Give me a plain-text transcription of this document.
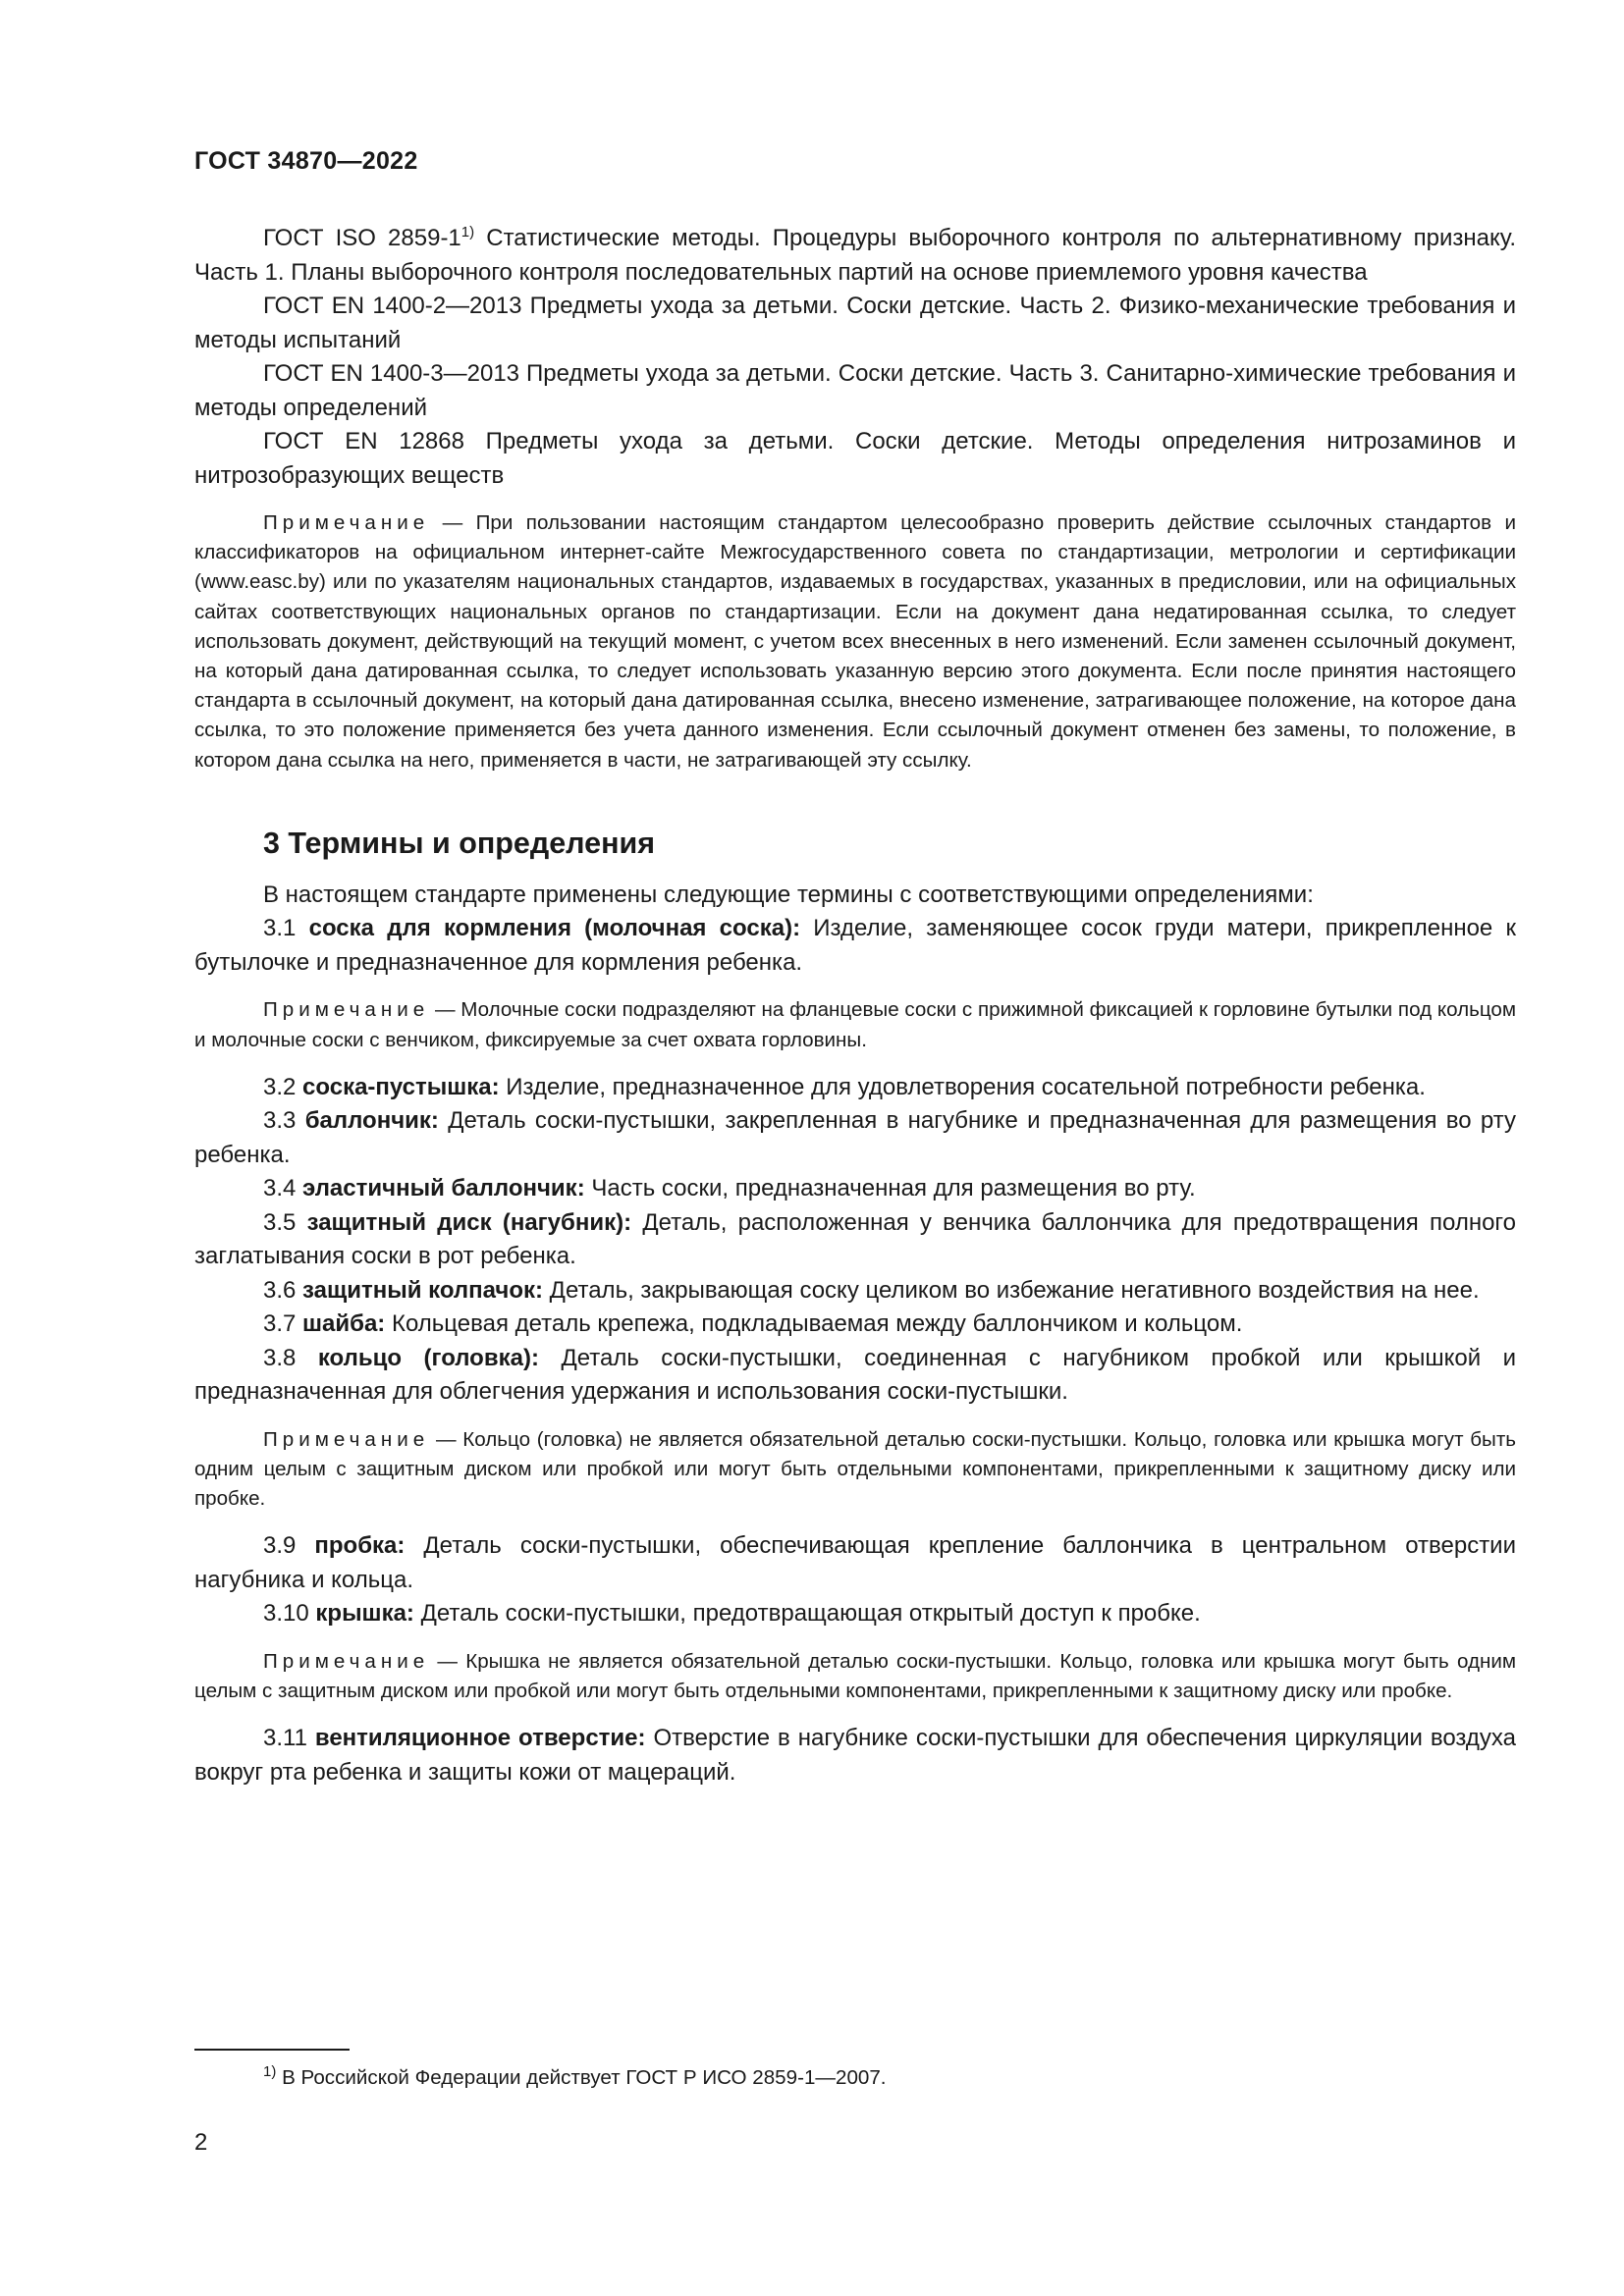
ГОСТ 34870—2022

ГОСТ ISO 2859-1$^{1)}$ Статистические методы. Процедуры выборочного контроля по альтернативному признаку. Часть 1. Планы выборочного контроля последовательных партий на основе приемлемого уровня качества

ГОСТ EN 1400-2—2013 Предметы ухода за детьми. Соски детские. Часть 2. Физико-механические требования и методы испытаний

ГОСТ EN 1400-3—2013 Предметы ухода за детьми. Соски детские. Часть 3. Санитарно-химические требования и методы определений

ГОСТ EN 12868 Предметы ухода за детьми. Соски детские. Методы определения нитрозаминов и нитрозобразующих веществ

Примечание — При пользовании настоящим стандартом целесообразно проверить действие ссылочных стандартов и классификаторов на официальном интернет-сайте Межгосударственного совета по стандартизации, метрологии и сертификации (www.easc.by) или по указателям национальных стандартов, издаваемых в государствах, указанных в предисловии, или на официальных сайтах соответствующих национальных органов по стандартизации. Если на документ дана недатированная ссылка, то следует использовать документ, действующий на текущий момент, с учетом всех внесенных в него изменений. Если заменен ссылочный документ, на который дана датированная ссылка, то следует использовать указанную версию этого документа. Если после принятия настоящего стандарта в ссылочный документ, на который дана датированная ссылка, внесено изменение, затрагивающее положение, на которое дана ссылка, то это положение применяется без учета данного изменения. Если ссылочный документ отменен без замены, то положение, в котором дана ссылка на него, применяется в части, не затрагивающей эту ссылку.

3 Термины и определения

В настоящем стандарте применены следующие термины с соответствующими определениями:

3.1 соска для кормления (молочная соска): Изделие, заменяющее сосок груди матери, прикрепленное к бутылочке и предназначенное для кормления ребенка.

Примечание — Молочные соски подразделяют на фланцевые соски с прижимной фиксацией к горловине бутылки под кольцом и молочные соски с венчиком, фиксируемые за счет охвата горловины.

3.2 соска-пустышка: Изделие, предназначенное для удовлетворения сосательной потребности ребенка.

3.3 баллончик: Деталь соски-пустышки, закрепленная в нагубнике и предназначенная для размещения во рту ребенка.

3.4 эластичный баллончик: Часть соски, предназначенная для размещения во рту.

3.5 защитный диск (нагубник): Деталь, расположенная у венчика баллончика для предотвращения полного заглатывания соски в рот ребенка.

3.6 защитный колпачок: Деталь, закрывающая соску целиком во избежание негативного воздействия на нее.

3.7 шайба: Кольцевая деталь крепежа, подкладываемая между баллончиком и кольцом.

3.8 кольцо (головка): Деталь соски-пустышки, соединенная с нагубником пробкой или крышкой и предназначенная для облегчения удержания и использования соски-пустышки.

Примечание — Кольцо (головка) не является обязательной деталью соски-пустышки. Кольцо, головка или крышка могут быть одним целым с защитным диском или пробкой или могут быть отдельными компонентами, прикрепленными к защитному диску или пробке.

3.9 пробка: Деталь соски-пустышки, обеспечивающая крепление баллончика в центральном отверстии нагубника и кольца.

3.10 крышка: Деталь соски-пустышки, предотвращающая открытый доступ к пробке.

Примечание — Крышка не является обязательной деталью соски-пустышки. Кольцо, головка или крышка могут быть одним целым с защитным диском или пробкой или могут быть отдельными компонентами, прикрепленными к защитному диску или пробке.

3.11 вентиляционное отверстие: Отверстие в нагубнике соски-пустышки для обеспечения циркуляции воздуха вокруг рта ребенка и защиты кожи от мацераций.

$^{1)}$ В Российской Федерации действует ГОСТ Р ИСО 2859-1—2007.
2
